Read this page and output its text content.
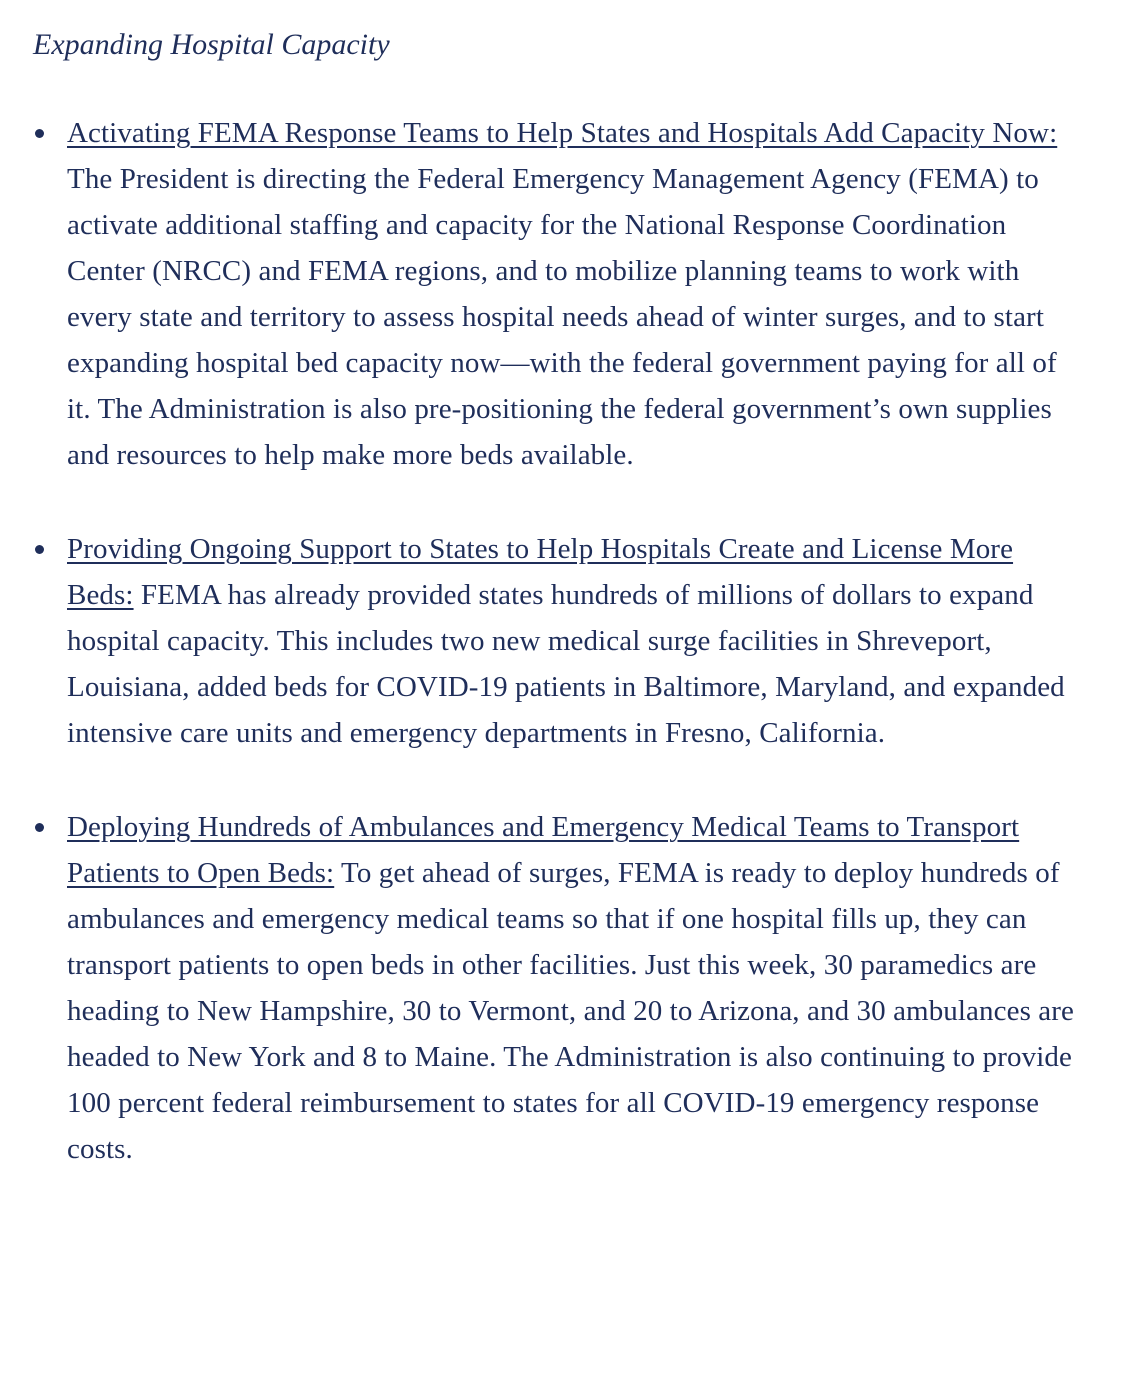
Expanding Hospital Capacity
Activating FEMA Response Teams to Help States and Hospitals Add Capacity Now: The President is directing the Federal Emergency Management Agency (FEMA) to activate additional staffing and capacity for the National Response Coordination Center (NRCC) and FEMA regions, and to mobilize planning teams to work with every state and territory to assess hospital needs ahead of winter surges, and to start expanding hospital bed capacity now—with the federal government paying for all of it. The Administration is also pre-positioning the federal government’s own supplies and resources to help make more beds available.
Providing Ongoing Support to States to Help Hospitals Create and License More Beds: FEMA has already provided states hundreds of millions of dollars to expand hospital capacity. This includes two new medical surge facilities in Shreveport, Louisiana, added beds for COVID-19 patients in Baltimore, Maryland, and expanded intensive care units and emergency departments in Fresno, California.
Deploying Hundreds of Ambulances and Emergency Medical Teams to Transport Patients to Open Beds: To get ahead of surges, FEMA is ready to deploy hundreds of ambulances and emergency medical teams so that if one hospital fills up, they can transport patients to open beds in other facilities. Just this week, 30 paramedics are heading to New Hampshire, 30 to Vermont, and 20 to Arizona, and 30 ambulances are headed to New York and 8 to Maine. The Administration is also continuing to provide 100 percent federal reimbursement to states for all COVID-19 emergency response costs.
